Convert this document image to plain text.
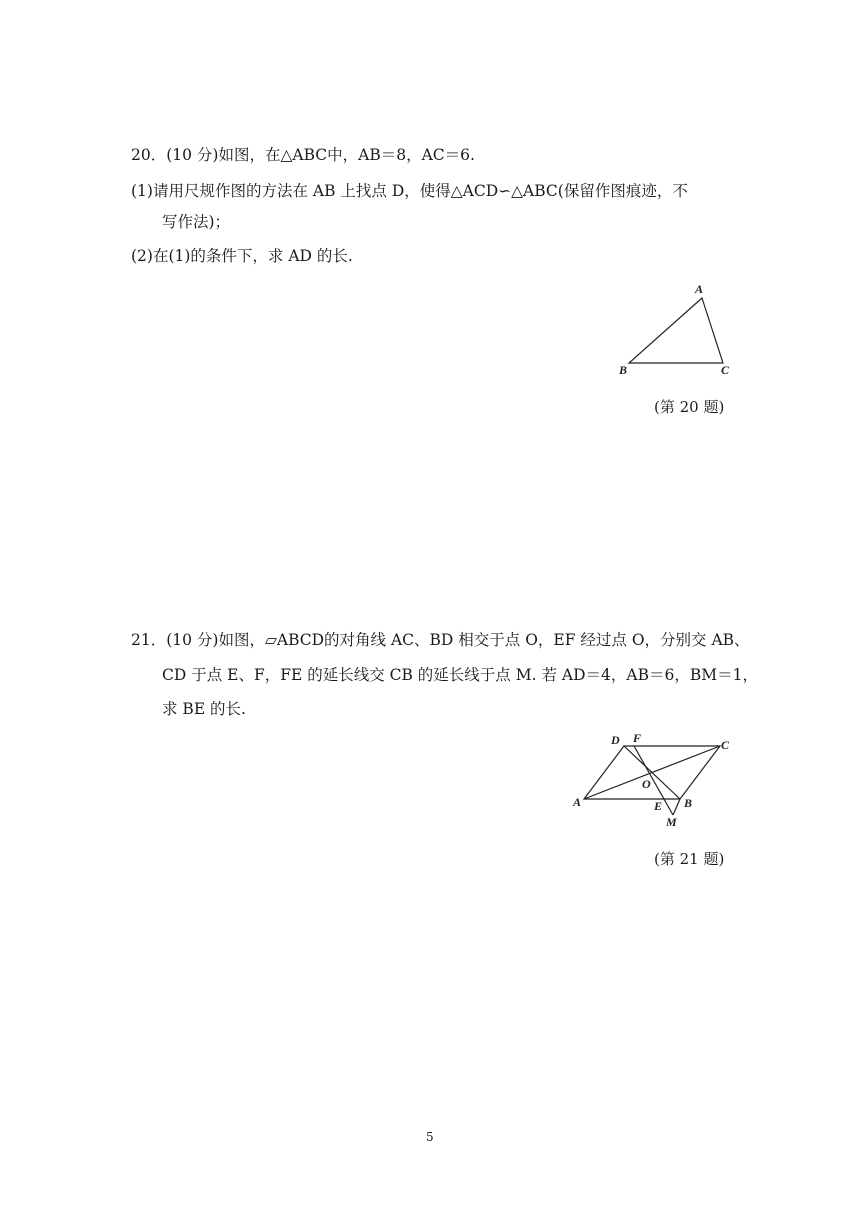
20．(10 分)如图，在△ABC中，AB＝8，AC＝6.
(1)请用尺规作图的方法在 AB 上找点 D，使得△ACD∽△ABC(保留作图痕迹，不
写作法)；
(2)在(1)的条件下，求 AD 的长.
A
B	C
(第 20 题)
21．(10 分)如图，▱ABCD的对角线 AC、BD 相交于点 O，EF 经过点 O，分别交 AB、
CD 于点 E、F，FE 的延长线交 CB 的延长线于点 M. 若 AD＝4，AB＝6，BM＝1，
求 BE 的长.
A	B
C
D
E
F
O
M
(第 21 题)
5
